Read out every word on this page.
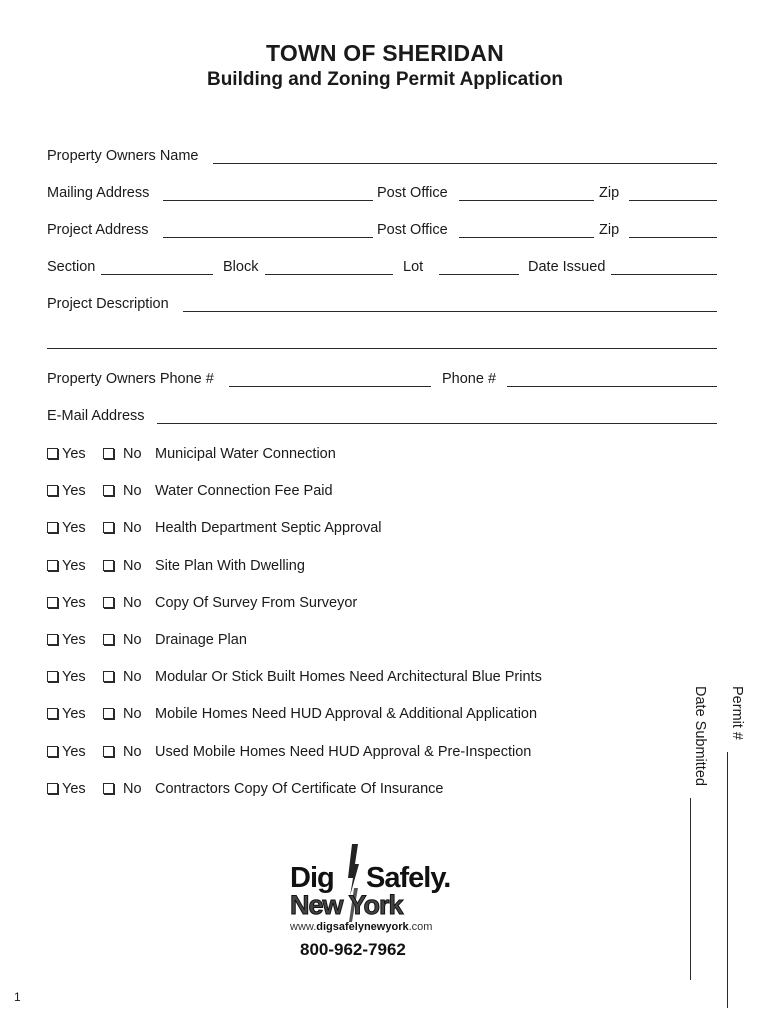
TOWN OF SHERIDAN
Building and Zoning Permit Application
Property Owners Name
Mailing Address	Post Office	Zip
Project Address	Post Office	Zip
Section	Block	Lot	Date Issued
Project Description
Property Owners Phone #	Phone #
E-Mail Address
Yes	No Municipal Water Connection
Yes	No Water Connection Fee Paid
Yes	No Health Department Septic Approval
Yes	No Site Plan With Dwelling
Yes	No Copy Of Survey From Surveyor
Yes	No Drainage Plan
Yes	No Modular Or Stick Built Homes Need Architectural Blue Prints
Yes	No Mobile Homes Need HUD Approval & Additional Application
Yes	No Used Mobile Homes Need HUD Approval & Pre-Inspection
Yes	No Contractors Copy Of Certificate Of Insurance
Permit #
Date Submitted
Dig Safely.
New York
www.digsafelynewyork.com
800-962-7962
1
